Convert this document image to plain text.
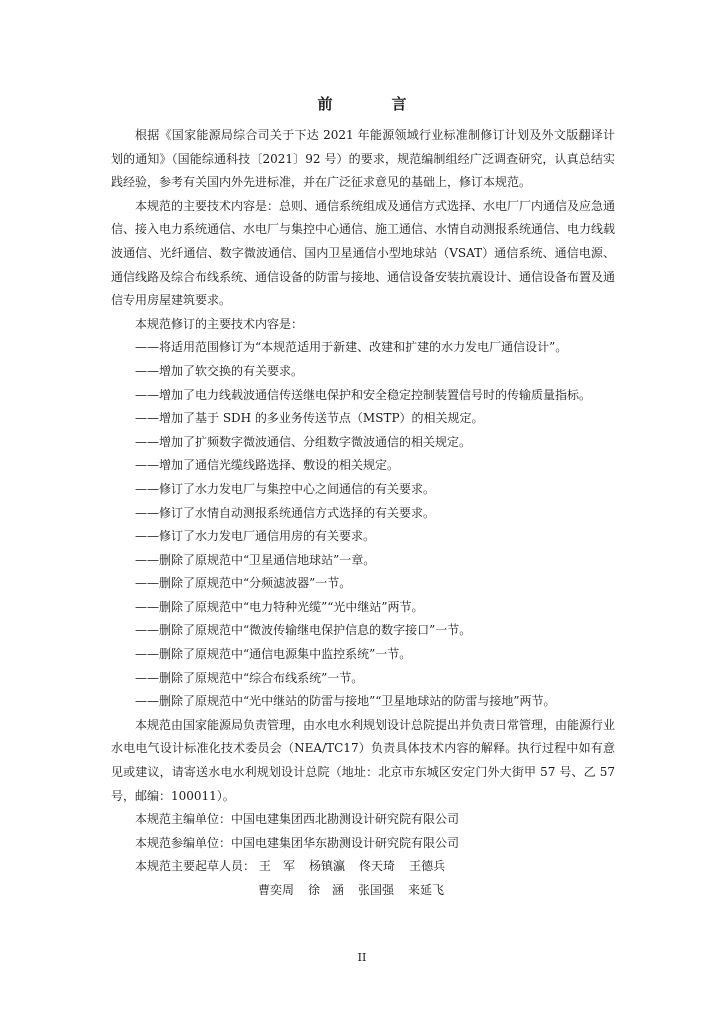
前　言

根据《国家能源局综合司关于下达 2021 年能源领域行业标准制修订计划及外文版翻译计划的通知》（国能综通科技〔2021〕92 号）的要求，规范编制组经广泛调查研究，认真总结实践经验，参考有关国内外先进标准，并在广泛征求意见的基础上，修订本规范。

本规范的主要技术内容是：总则、通信系统组成及通信方式选择、水电厂厂内通信及应急通信、接入电力系统通信、水电厂与集控中心通信、施工通信、水情自动测报系统通信、电力线载波通信、光纤通信、数字微波通信、国内卫星通信小型地球站（VSAT）通信系统、通信电源、通信线路及综合布线系统、通信设备的防雷与接地、通信设备安装抗震设计、通信设备布置及通信专用房屋建筑要求。

本规范修订的主要技术内容是：

——将适用范围修订为“本规范适用于新建、改建和扩建的水力发电厂通信设计”。

——增加了软交换的有关要求。

——增加了电力线载波通信传送继电保护和安全稳定控制装置信号时的传输质量指标。

——增加了基于 SDH 的多业务传送节点（MSTP）的相关规定。

——增加了扩频数字微波通信、分组数字微波通信的相关规定。

——增加了通信光缆线路选择、敷设的相关规定。

——修订了水力发电厂与集控中心之间通信的有关要求。

——修订了水情自动测报系统通信方式选择的有关要求。

——修订了水力发电厂通信用房的有关要求。

——删除了原规范中“卫星通信地球站”一章。

——删除了原规范中“分频滤波器”一节。

——删除了原规范中“电力特种光缆”“光中继站”两节。

——删除了原规范中“微波传输继电保护信息的数字接口”一节。

——删除了原规范中“通信电源集中监控系统”一节。

——删除了原规范中“综合布线系统”一节。

——删除了原规范中“光中继站的防雷与接地”“卫星地球站的防雷与接地”两节。

本规范由国家能源局负责管理，由水电水利规划设计总院提出并负责日常管理，由能源行业水电电气设计标准化技术委员会（NEA/TC17）负责具体技术内容的解释。执行过程中如有意见或建议，请寄送水电水利规划设计总院（地址：北京市东城区安定门外大街甲 57 号、乙 57 号，邮编：100011）。

本规范主编单位：中国电建集团西北勘测设计研究院有限公司

本规范参编单位：中国电建集团华东勘测设计研究院有限公司

本规范主要起草人员： 王　军 杨镇瀛 佟天琦 王德兵

曹奕周 徐　涵 张国强 来延飞

II
